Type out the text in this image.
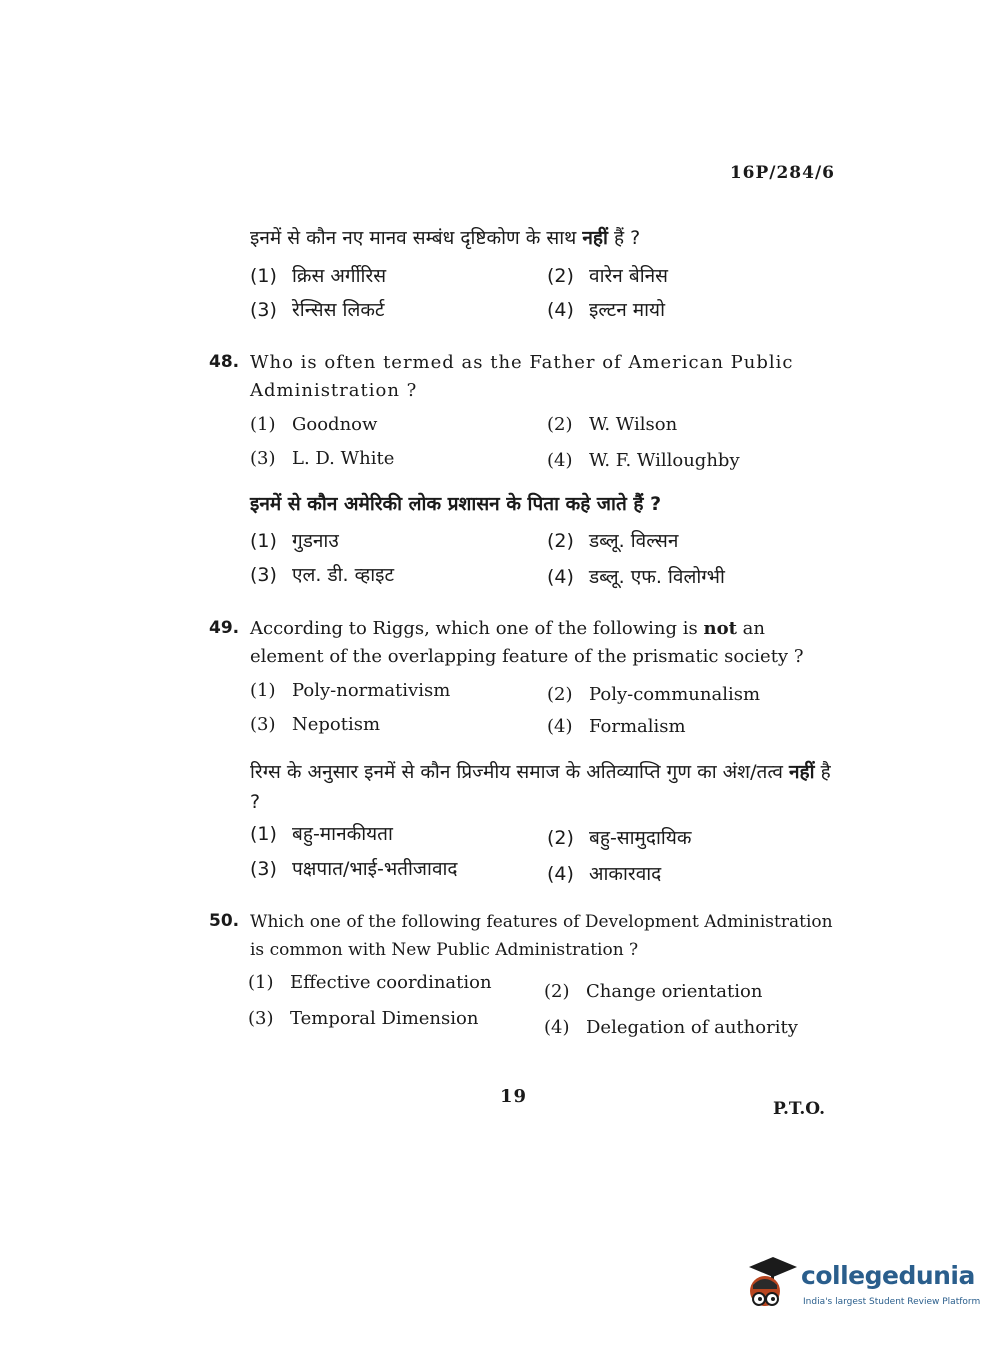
16P/284/6
इनमें से कौन नए मानव सम्बंध दृष्टिकोण के साथ नहीं हैं ?
(1) क्रिस अर्गीरिस	(2) वारेन बेनिस
(3) रेन्सिस लिकर्ट	(4) इल्टन मायो
48. Who is often termed as the Father of American Public Administration ?
(1) Goodnow	(2) W. Wilson
(3) L. D. White	(4) W. F. Willoughby
इनमें से कौन अमेरिकी लोक प्रशासन के पिता कहे जाते हैं ?
(1) गुडनाउ	(2) डब्लू. विल्सन
(3) एल. डी. व्हाइट	(4) डब्लू. एफ. विलोग्भी
49. According to Riggs, which one of the following is not an element of the overlapping feature of the prismatic society ?
(1) Poly-normativism	(2) Poly-communalism
(3) Nepotism	(4) Formalism
रिग्स के अनुसार इनमें से कौन प्रिज्मीय समाज के अतिव्याप्ति गुण का अंश/तत्व नहीं है ?
(1) बहु-मानकीयता	(2) बहु-सामुदायिक
(3) पक्षपात/भाई-भतीजावाद	(4) आकारवाद
50. Which one of the following features of Development Administration is common with New Public Administration ?
(1) Effective coordination	(2) Change orientation
(3) Temporal Dimension	(4) Delegation of authority
19
P.T.O.
collegedunia
India's largest Student Review Platform
